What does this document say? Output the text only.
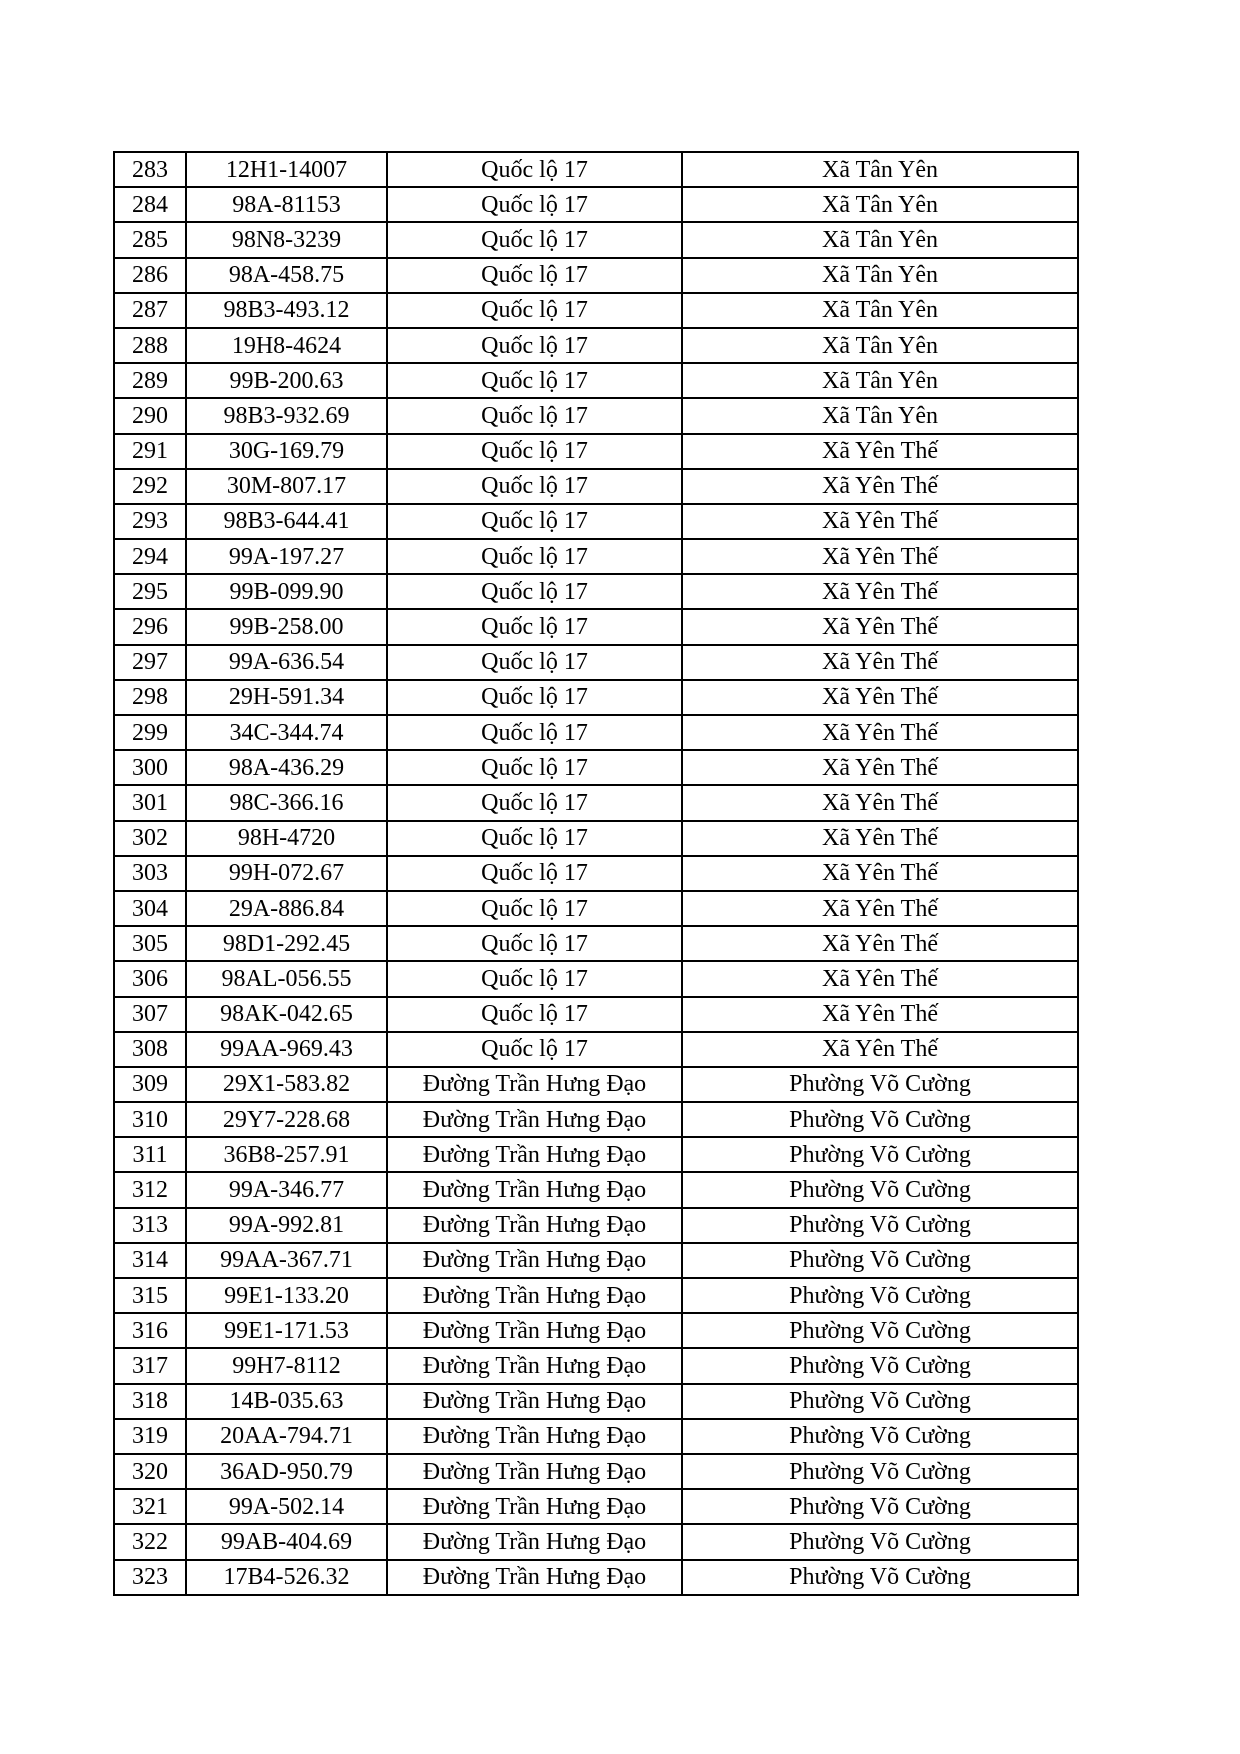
283	12H1-14007	Quốc lộ 17	Xã Tân Yên
284	98A-81153	Quốc lộ 17	Xã Tân Yên
285	98N8-3239	Quốc lộ 17	Xã Tân Yên
286	98A-458.75	Quốc lộ 17	Xã Tân Yên
287	98B3-493.12	Quốc lộ 17	Xã Tân Yên
288	19H8-4624	Quốc lộ 17	Xã Tân Yên
289	99B-200.63	Quốc lộ 17	Xã Tân Yên
290	98B3-932.69	Quốc lộ 17	Xã Tân Yên
291	30G-169.79	Quốc lộ 17	Xã Yên Thế
292	30M-807.17	Quốc lộ 17	Xã Yên Thế
293	98B3-644.41	Quốc lộ 17	Xã Yên Thế
294	99A-197.27	Quốc lộ 17	Xã Yên Thế
295	99B-099.90	Quốc lộ 17	Xã Yên Thế
296	99B-258.00	Quốc lộ 17	Xã Yên Thế
297	99A-636.54	Quốc lộ 17	Xã Yên Thế
298	29H-591.34	Quốc lộ 17	Xã Yên Thế
299	34C-344.74	Quốc lộ 17	Xã Yên Thế
300	98A-436.29	Quốc lộ 17	Xã Yên Thế
301	98C-366.16	Quốc lộ 17	Xã Yên Thế
302	98H-4720	Quốc lộ 17	Xã Yên Thế
303	99H-072.67	Quốc lộ 17	Xã Yên Thế
304	29A-886.84	Quốc lộ 17	Xã Yên Thế
305	98D1-292.45	Quốc lộ 17	Xã Yên Thế
306	98AL-056.55	Quốc lộ 17	Xã Yên Thế
307	98AK-042.65	Quốc lộ 17	Xã Yên Thế
308	99AA-969.43	Quốc lộ 17	Xã Yên Thế
309	29X1-583.82	Đường Trần Hưng Đạo	Phường Võ Cường
310	29Y7-228.68	Đường Trần Hưng Đạo	Phường Võ Cường
311	36B8-257.91	Đường Trần Hưng Đạo	Phường Võ Cường
312	99A-346.77	Đường Trần Hưng Đạo	Phường Võ Cường
313	99A-992.81	Đường Trần Hưng Đạo	Phường Võ Cường
314	99AA-367.71	Đường Trần Hưng Đạo	Phường Võ Cường
315	99E1-133.20	Đường Trần Hưng Đạo	Phường Võ Cường
316	99E1-171.53	Đường Trần Hưng Đạo	Phường Võ Cường
317	99H7-8112	Đường Trần Hưng Đạo	Phường Võ Cường
318	14B-035.63	Đường Trần Hưng Đạo	Phường Võ Cường
319	20AA-794.71	Đường Trần Hưng Đạo	Phường Võ Cường
320	36AD-950.79	Đường Trần Hưng Đạo	Phường Võ Cường
321	99A-502.14	Đường Trần Hưng Đạo	Phường Võ Cường
322	99AB-404.69	Đường Trần Hưng Đạo	Phường Võ Cường
323	17B4-526.32	Đường Trần Hưng Đạo	Phường Võ Cường
